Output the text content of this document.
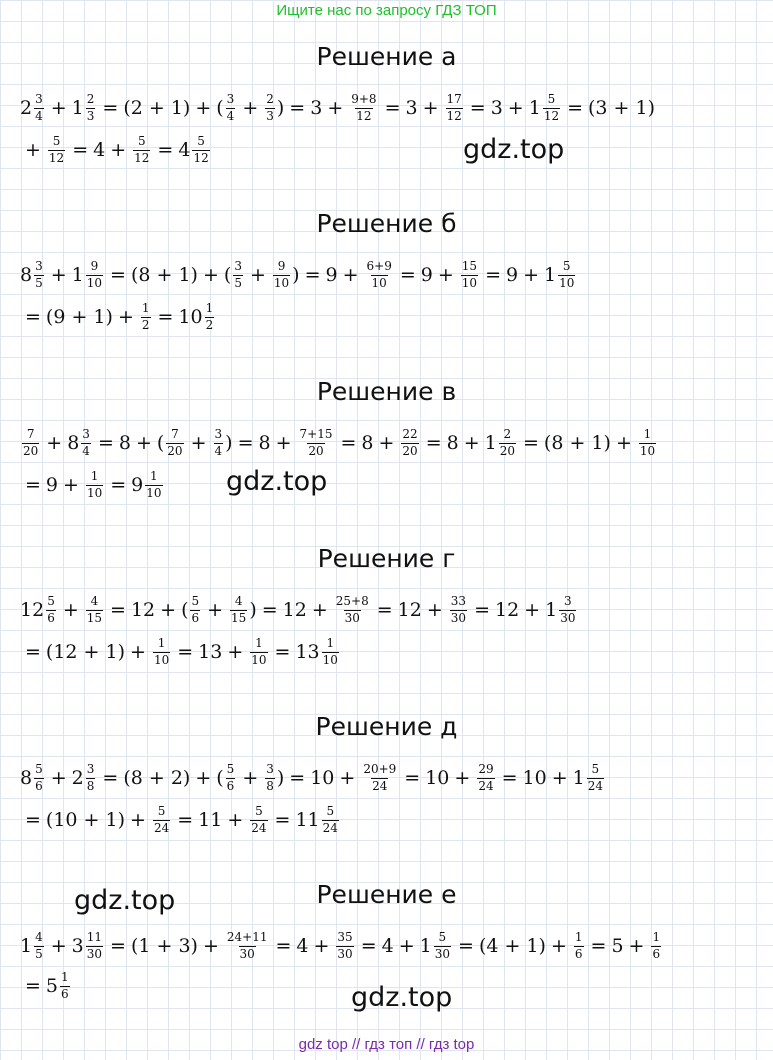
Ищите нас по запросу ГДЗ ТОП
Решение а
$2 \frac{3}{4} + 1 \frac{2}{3} = (2 + 1)$ + ( $\frac{3}{4} + \frac{2}{3}$ ) = $3 + \frac{9+8}{12} = 3 + \frac{17}{12} = 3 + 1 \frac{5}{12} = (3 + 1)$
+ $\frac{5}{12} = 4 + \frac{5}{12} = 4 \frac{5}{12}$
Решение б
$8 \frac{3}{5} + 1 \frac{9}{10} = (8 + 1)$ + ( $\frac{3}{5} + \frac{9}{10}$ ) = $9 + \frac{6+9}{10} = 9 + \frac{15}{10} = 9 + 1 \frac{5}{10}$
= $(9 + 1) + \frac{1}{2} = 10 \frac{1}{2}$
Решение в
$\frac{7}{20} + 8 \frac{3}{4} = 8$ + ( $\frac{7}{20} + \frac{3}{4}$ ) = $8 + \frac{7+15}{20} = 8 + \frac{22}{20} = 8 + 1 \frac{2}{20} = (8 + 1) + \frac{1}{10}$
= $9 + \frac{1}{10} = 9 \frac{1}{10}$
Решение г
$12 \frac{5}{6} + \frac{4}{15} = 12$ + ( $\frac{5}{6} + \frac{4}{15}$ ) = $12 + \frac{25+8}{30} = 12 + \frac{33}{30} = 12 + 1 \frac{3}{30}$
= $(12 + 1) + \frac{1}{10} = 13 + \frac{1}{10} = 13 \frac{1}{10}$
Решение д
$8 \frac{5}{6} + 2 \frac{3}{8} = (8 + 2)$ + ( $\frac{5}{6} + \frac{3}{8}$ ) = $10 + \frac{20+9}{24} = 10 + \frac{29}{24} = 10 + 1 \frac{5}{24}$
= $(10 + 1) + \frac{5}{24} = 11 + \frac{5}{24} = 11 \frac{5}{24}$
Решение е
$1 \frac{4}{5} + 3 \frac{11}{30} = (1 + 3) + \frac{24+11}{30} = 4 + \frac{35}{30} = 4 + 1 \frac{5}{30} = (4 + 1) + \frac{1}{6} = 5 + \frac{1}{6}$
= $5 \frac{1}{6}$
gdz.top
gdz.top
gdz.top
gdz.top
gdz top // гдз топ // гдз top
